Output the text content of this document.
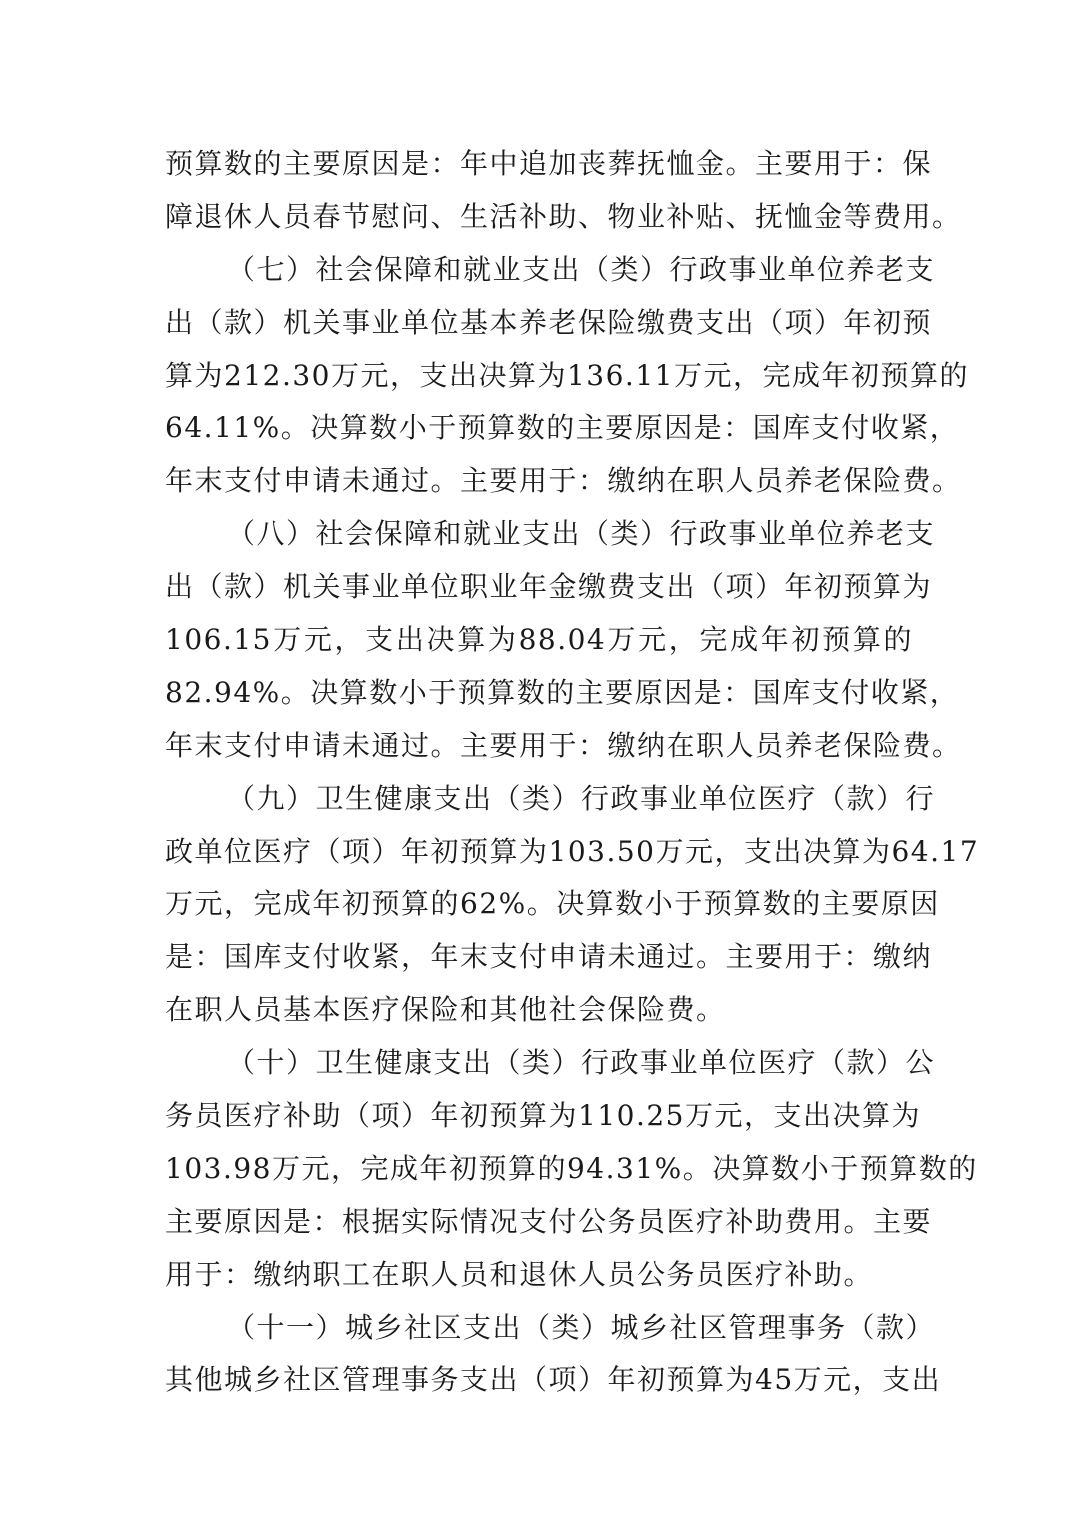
预算数的主要原因是：年中追加丧葬抚恤金。主要用于：保
障退休人员春节慰问、生活补助、物业补贴、抚恤金等费用。
（七）社会保障和就业支出（类）行政事业单位养老支
出（款）机关事业单位基本养老保险缴费支出（项）年初预
算为212.30万元，支出决算为136.11万元，完成年初预算的
64.11%。决算数小于预算数的主要原因是：国库支付收紧，
年末支付申请未通过。主要用于：缴纳在职人员养老保险费。
（八）社会保障和就业支出（类）行政事业单位养老支
出（款）机关事业单位职业年金缴费支出（项）年初预算为
106.15万元，支出决算为88.04万元，完成年初预算的
82.94%。决算数小于预算数的主要原因是：国库支付收紧，
年末支付申请未通过。主要用于：缴纳在职人员养老保险费。
（九）卫生健康支出（类）行政事业单位医疗（款）行
政单位医疗（项）年初预算为103.50万元，支出决算为64.17
万元，完成年初预算的62%。决算数小于预算数的主要原因
是：国库支付收紧，年末支付申请未通过。主要用于：缴纳
在职人员基本医疗保险和其他社会保险费。
（十）卫生健康支出（类）行政事业单位医疗（款）公
务员医疗补助（项）年初预算为110.25万元，支出决算为
103.98万元，完成年初预算的94.31%。决算数小于预算数的
主要原因是：根据实际情况支付公务员医疗补助费用。主要
用于：缴纳职工在职人员和退休人员公务员医疗补助。
（十一）城乡社区支出（类）城乡社区管理事务（款）
其他城乡社区管理事务支出（项）年初预算为45万元，支出
